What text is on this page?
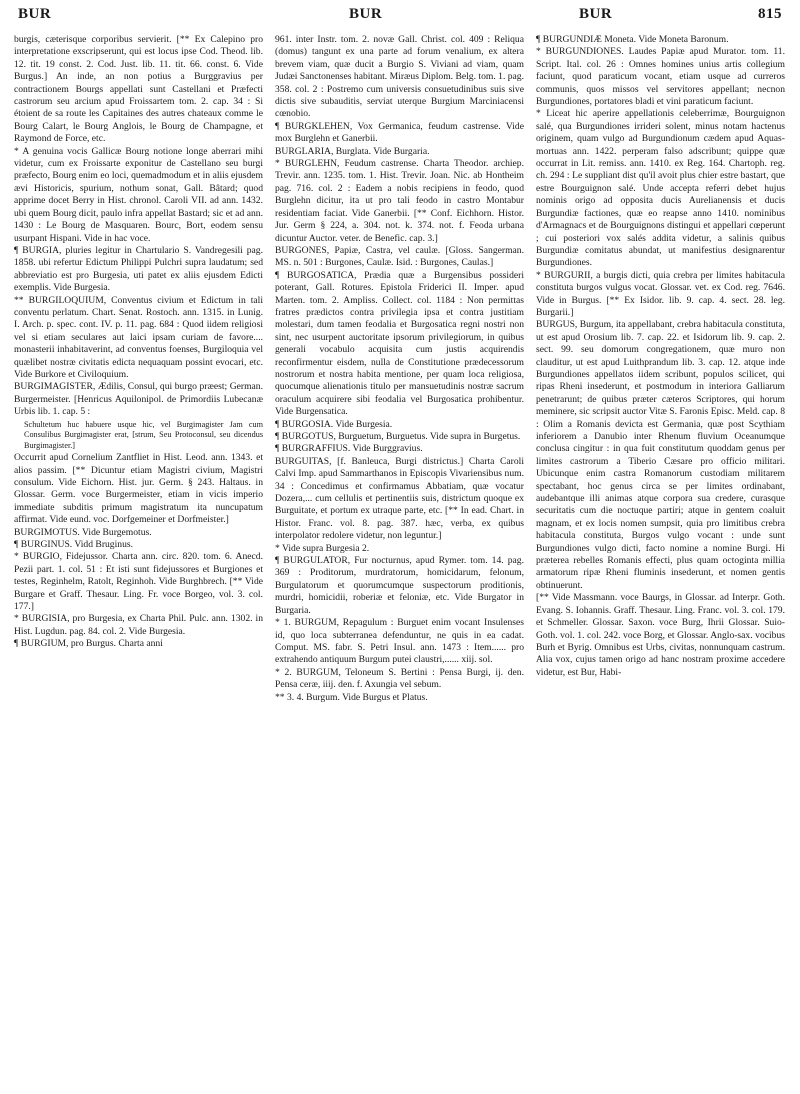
BUR	BUR	BUR	815

burgis, cæterisque corporibus servierit. [** Ex Calepino pro interpretatione exscripserunt, qui est locus ipse Cod. Theod. lib. 12. tit. 19 const. 2. Cod. Just. lib. 11. tit. 66. const. 6. Vide Burgus.] An inde, an non potius a Burggravius per contractionem Bourgs appellati sunt Castellani et Præfecti castrorum seu arcium apud Froissartem tom. 2. cap. 34 : Si étoient de sa route les Capitaines des autres chateaux comme le Bourg Calart, le Bourg Anglois, le Bourg de Champagne, et Raymond de Force, etc.

* A genuina vocis Gallicæ Bourg notione longe aberrari mihi videtur, cum ex Froissarte exponitur de Castellano seu burgi præfecto, Bourg enim eo loci, quemadmodum et in aliis ejusdem ævi Historicis, spurium, nothum sonat, Gall. Bâtard; quod apprime docet Berry in Hist. chronol. Caroli VII. ad ann. 1432. ubi quem Bourg dicit, paulo infra appellat Bastard; sic et ad ann. 1430 : Le Bourg de Masquaren. Bourc, Bort, eodem sensu usurpant Hispani. Vide in hac voce.

¶ BURGIA, pluries legitur in Chartulario S. Vandregesili pag. 1858. ubi refertur Edictum Philippi Pulchri supra laudatum; sed abbreviatio est pro Burgesia, uti patet ex aliis ejusdem Edicti exemplis. Vide Burgesia.

** BURGILOQUIUM, Conventus civium et Edictum in tali conventu perlatum. Chart. Senat. Rostoch. ann. 1315. in Lunig. I. Arch. p. spec. cont. IV. p. 11. pag. 684 : Quod iidem religiosi vel si etiam seculares aut laici ipsam curiam de favore.... monasterii inhabitaverint, ad conventus foenses, Burgiloquia vel quælibet nostræ civitatis edicta nequaquam possint evocari, etc. Vide Burkore et Civiloquium.

BURGIMAGISTER, Ædilis, Consul, qui burgo præest; German. Burgermeister. [Henricus Aquilonipol. de Primordiis Lubecanæ Urbis lib. 1. cap. 5 :

Schultetum huc habuere usque hic, vel Burgimagister Jam cum Consulibus Burgimagister erat, [strum, Seu Protoconsul, seu dicendus Burgimagister.]

Occurrit apud Cornelium Zantfliet in Hist. Leod. ann. 1343. et alios passim. [** Dicuntur etiam Magistri civium, Magistri consulum. Vide Eichorn. Hist. jur. Germ. § 243. Haltaus. in Glossar. Germ. voce Burgermeister, etiam in vicis imperio immediate subditis primum magistratum ita nuncupatum affirmat. Vide eund. voc. Dorfgemeiner et Dorfmeister.]

BURGIMOTUS. Vide Burgemotus.

¶ BURGINUS. Vidd Bruginus.

* BURGIO, Fidejussor. Charta ann. circ. 820. tom. 6. Anecd. Pezii part. 1. col. 51 : Et isti sunt fidejussores et Burgiones et testes, Reginhelm, Ratolt, Reginhoh. Vide Burghbrech. [** Vide Burgare et Graff. Thesaur. Ling. Fr. voce Borgeo, vol. 3. col. 177.]

* BURGISIA, pro Burgesia, ex Charta Phil. Pulc. ann. 1302. in Hist. Lugdun. pag. 84. col. 2. Vide Burgesia.

¶ BURGIUM, pro Burgus. Charta anni

961. inter Instr. tom. 2. novæ Gall. Christ. col. 409 : Reliqua (domus) tangunt ex una parte ad forum venalium, ex altera brevem viam, quæ ducit a Burgio S. Viviani ad viam, quam Judæi Sanctonenses habitant. Miræus Diplom. Belg. tom. 1. pag. 358. col. 2 : Postremo cum universis consuetudinibus suis sive dictis sive subauditis, serviat uterque Burgium Marciniacensi cœnobio.

¶ BURGKLEHEN, Vox Germanica, feudum castrense. Vide mox Burglehn et Ganerbii.

BURGLARIA, Burglata. Vide Burgaria.

* BURGLEHN, Feudum castrense. Charta Theodor. archiep. Trevir. ann. 1235. tom. 1. Hist. Trevir. Joan. Nic. ab Hontheim pag. 716. col. 2 : Eadem a nobis recipiens in feodo, quod Burglehn dicitur, ita ut pro tali feodo in castro Montabur residentiam faciat. Vide Ganerbii. [** Conf. Eichhorn. Histor. Jur. Germ § 224, a. 304. not. k. 374. not. f. Feoda urbana dicuntur Auctor. veter. de Benefic. cap. 3.]

BURGONES, Papiæ, Castra, vel caulæ. [Gloss. Sangerman. MS. n. 501 : Burgones, Caulæ. Isid. : Burgones, Caulas.]

¶ BURGOSATICA, Prædia quæ a Burgensibus possideri poterant, Gall. Rotures. Epistola Friderici II. Imper. apud Marten. tom. 2. Ampliss. Collect. col. 1184 : Non permittas fratres prædictos contra privilegia ipsa et contra justitiam molestari, dum tamen feodalia et Burgosatica regni nostri non sint, nec usurpent auctoritate ipsorum privilegiorum, in quibus generali vocabulo acquisita cum justis acquirendis reconfirmentur eisdem, nulla de Constitutione prædecessorum nostrorum et nostra habita mentione, per quam loca religiosa, quocumque alienationis titulo per mansuetudinis nostræ sacrum oraculum acquirere sibi feodalia vel Burgosatica prohibentur. Vide Burgensatica.

¶ BURGOSIA. Vide Burgesia.

¶ BURGOTUS, Burguetum, Burguetus. Vide supra in Burgetus.

¶ BURGRAFFIUS. Vide Burggravius.

BURGUITAS, [f. Banleuca, Burgi districtus.] Charta Caroli Calvi Imp. apud Sammarthanos in Episcopis Vivariensibus num. 34 : Concedimus et confirmamus Abbatiam, quæ vocatur Dozera,... cum cellulis et pertinentiis suis, districtum quoque ex Burguitate, et portum ex utraque parte, etc. [** In ead. Chart. in Histor. Franc. vol. 8. pag. 387. hæc, verba, ex quibus interpolator redolere videtur, non leguntur.]

* Vide supra Burgesia 2.

¶ BURGULATOR, Fur nocturnus, apud Rymer. tom. 14. pag. 369 : Proditorum, murdratorum, homicidarum, felonum, Burgulatorum et quorumcumque suspectorum proditionis, murdri, homicidii, roberiæ et feloniæ, etc. Vide Burgator in Burgaria.

* 1. BURGUM, Repagulum : Burguet enim vocant Insulenses id, quo loca subterranea defenduntur, ne quis in ea cadat. Comput. MS. fabr. S. Petri Insul. ann. 1473 : Item...... pro extrahendo antiquum Burgum putei claustri,...... xiij. sol.

* 2. BURGUM, Teloneum S. Bertini : Pensa Burgi, ij. den. Pensa ceræ, iiij. den. f. Axungia vel sebum.

** 3. 4. Burgum. Vide Burgus et Platus.

¶ BURGUNDIÆ Moneta. Vide Moneta Baronum.

* BURGUNDIONES. Laudes Papiæ apud Murator. tom. 11. Script. Ital. col. 26 : Omnes homines unius artis collegium faciunt, quod paraticum vocant, etiam usque ad curreros communis, quos missos vel servitores appellant; necnon Burgundiones, portatores bladi et vini paraticum faciunt.

* Liceat hic aperire appellationis celeberrimæ, Bourguignon salé, qua Burgundiones irrideri solent, minus notam hactenus originem, quam vulgo ad Burgundionum cædem apud Aquas-mortuas ann. 1422. perperam falso adscribunt; quippe quæ occurrat in Lit. remiss. ann. 1410. ex Reg. 164. Chartoph. reg. ch. 294 : Le suppliant dist qu'il avoit plus chier estre bastart, que estre Bourguignon salé. Unde accepta referri debet hujus nominis origo ad opposita ducis Aurelianensis et ducis Burgundiæ factiones, quæ eo reapse anno 1410. nominibus d'Armagnacs et de Bourguignons distingui et appellari cœperunt ; cui posteriori vox salés addita videtur, a salinis quibus Burgundiæ comitatus abundat, ut manifestius designarentur Burgundiones.

* BURGURII, a burgis dicti, quia crebra per limites habitacula constituta burgos vulgus vocat. Glossar. vet. ex Cod. reg. 7646. Vide in Burgus. [** Ex Isidor. lib. 9. cap. 4. sect. 28. leg. Burgarii.]

BURGUS, Burgum, ita appellabant, crebra habitacula constituta, ut est apud Orosium lib. 7. cap. 22. et Isidorum lib. 9. cap. 2. sect. 99. seu domorum congregationem, quæ muro non clauditur, ut est apud Luithprandum lib. 3. cap. 12. atque inde Burgundiones appellatos iidem scribunt, populos scilicet, qui ripas Rheni insederunt, et postmodum in interiora Galliarum penetrarunt; de quibus præter cæteros Scriptores, qui horum meminere, sic scripsit auctor Vitæ S. Faronis Episc. Meld. cap. 8 : Olim a Romanis devicta est Germania, quæ post Scythiam inferiorem a Danubio inter Rhenum fluvium Oceanumque conclusa cingitur : in qua fuit constitutum quoddam genus per limites castrorum a Tiberio Cæsare pro officio militari. Ubicunque enim castra Romanorum custodiam militarem spectabant, hoc genus circa se per limites ordinabant, audebantque illi animas atque corpora sua credere, curasque securitatis cum die noctuque partiri; atque in gentem coaluit magnam, et ex locis nomen sumpsit, quia pro limitibus crebra habitacula constituta, Burgos vulgo vocant : unde sunt Burgundiones vulgo dicti, facto nomine a nomine Burgi. Hi præterea rebelles Romanis effecti, plus quam octoginta millia armatorum ripæ Rheni fluminis insederunt, et nomen gentis obtinuerunt.

[** Vide Massmann. voce Baurgs, in Glossar. ad Interpr. Goth. Evang. S. Iohannis. Graff. Thesaur. Ling. Franc. vol. 3. col. 179. et Schmeller. Glossar. Saxon. voce Burg, Ihrii Glossar. Suio-Goth. vol. 1. col. 242. voce Borg, et Glossar. Anglo-sax. vocibus Burh et Byrig. Omnibus est Urbs, civitas, nonnunquam castrum. Alia vox, cujus tamen origo ad hanc nostram proxime accedere videtur, est Bur, Habi-
